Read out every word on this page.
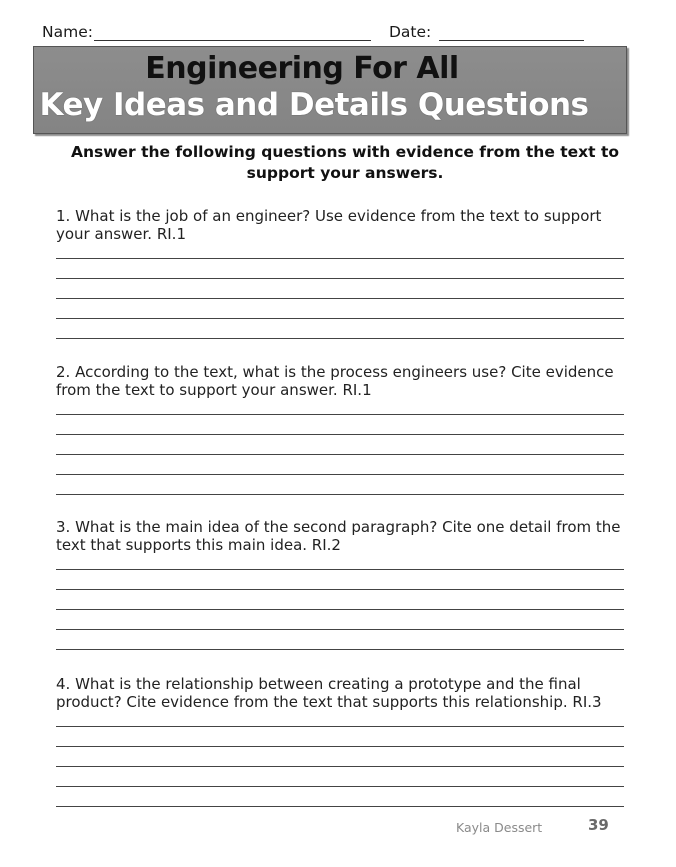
Name:	Date:
Engineering For All
Key Ideas and Details Questions
Answer the following questions with evidence from the text to support your answers.
1. What is the job of an engineer? Use evidence from the text to support your answer. RI.1
2. According to the text, what is the process engineers use? Cite evidence from the text to support your answer. RI.1
3. What is the main idea of the second paragraph? Cite one detail from the text that supports this main idea. RI.2
4. What is the relationship between creating a prototype and the final product? Cite evidence from the text that supports this relationship. RI.3
Kayla Dessert	39
